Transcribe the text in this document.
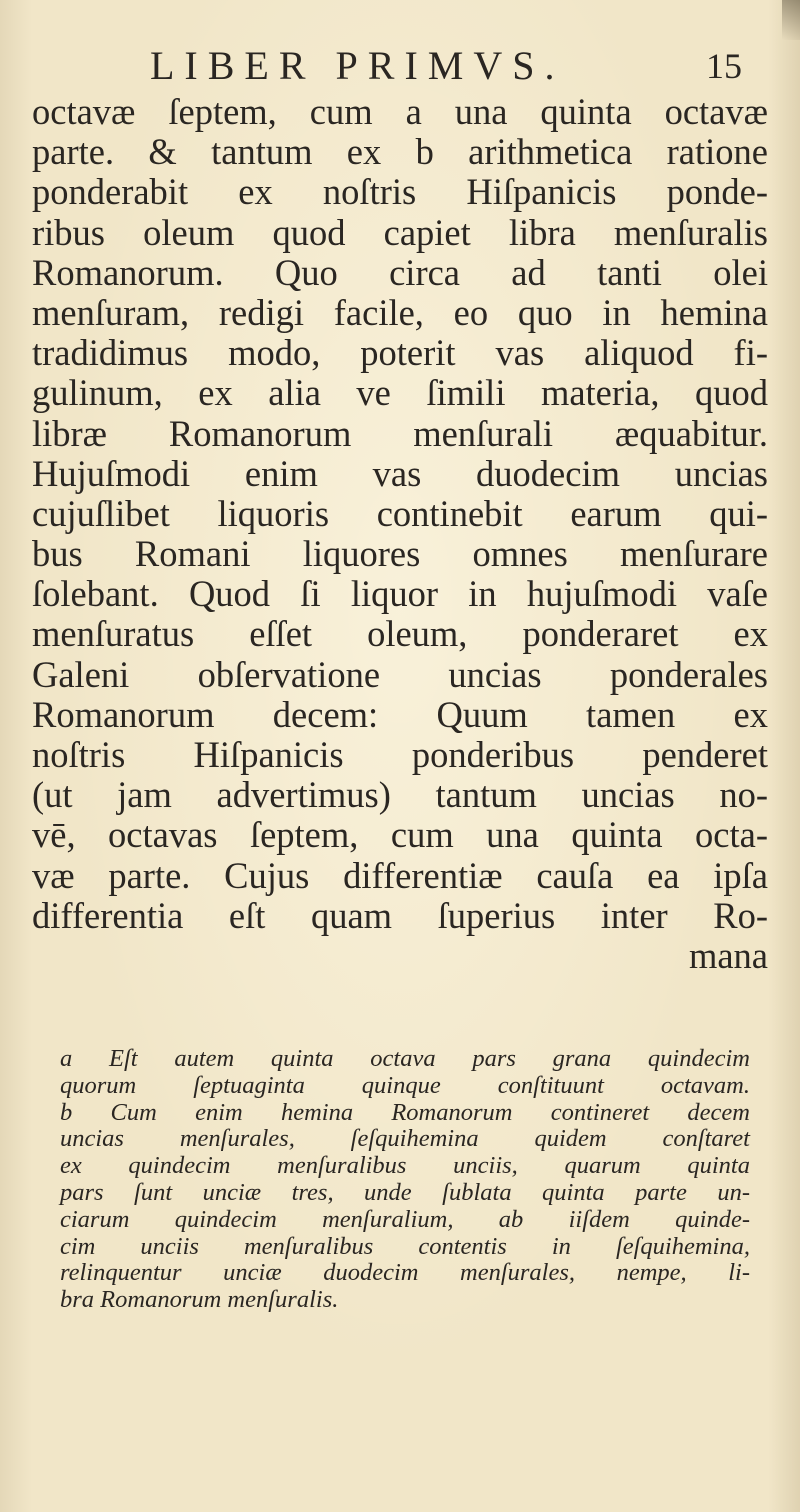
LIBER PRIMVS.	15
octavæ ſeptem, cum a una quinta octavæ
parte. & tantum ex b arithmetica ratione
ponderabit ex noſtris Hiſpanicis ponde-
ribus oleum quod capiet libra menſuralis
Romanorum. Quo circa ad tanti olei
menſuram, redigi facile, eo quo in hemina
tradidimus modo, poterit vas aliquod fi-
gulinum, ex alia ve ſimili materia, quod
libræ Romanorum menſurali æquabitur.
Hujuſmodi enim vas duodecim uncias
cujuſlibet liquoris continebit earum qui-
bus Romani liquores omnes menſurare
ſolebant. Quod ſi liquor in hujuſmodi vaſe
menſuratus eſſet oleum, ponderaret ex
Galeni obſervatione uncias ponderales
Romanorum decem: Quum tamen ex
noſtris Hiſpanicis ponderibus penderet
(ut jam advertimus) tantum uncias no-
vē, octavas ſeptem, cum una quinta octa-
væ parte. Cujus differentiæ cauſa ea ipſa
differentia eſt quam ſuperius inter Ro-
mana
a Eſt autem quinta octava pars grana quindecim
quorum ſeptuaginta quinque conſtituunt octavam.
b Cum enim hemina Romanorum contineret decem
uncias menſurales, ſeſquihemina quidem conſtaret
ex quindecim menſuralibus unciis, quarum quinta
pars ſunt unciæ tres, unde ſublata quinta parte un-
ciarum quindecim menſuralium, ab iiſdem quinde-
cim unciis menſuralibus contentis in ſeſquihemina,
relinquentur unciæ duodecim menſurales, nempe, li-
bra Romanorum menſuralis.
